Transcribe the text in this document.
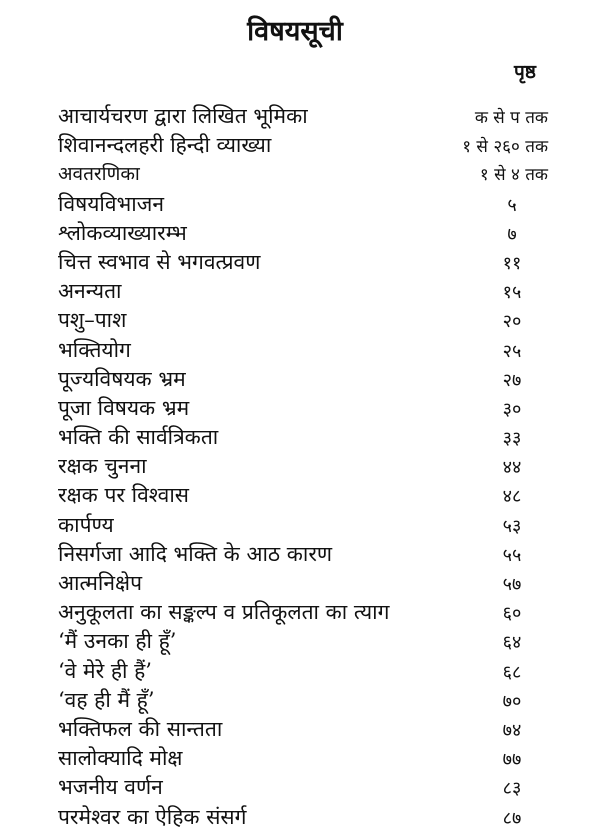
विषयसूची
पृष्ठ
आचार्यचरण द्वारा लिखित भूमिका	क से प तक
शिवानन्दलहरी हिन्दी व्याख्या	१ से २६० तक
अवतरणिका	१ से ४ तक
विषयविभाजन	५
श्लोकव्याख्यारम्भ	७
चित्त स्वभाव से भगवत्प्रवण	११
अनन्यता	१५
पशु–पाश	२०
भक्तियोग	२५
पूज्यविषयक भ्रम	२७
पूजा विषयक भ्रम	३०
भक्ति की सार्वत्रिकता	३३
रक्षक चुनना	४४
रक्षक पर विश्वास	४८
कार्पण्य	५३
निसर्गजा आदि भक्ति के आठ कारण	५५
आत्मनिक्षेप	५७
अनुकूलता का सङ्कल्प व प्रतिकूलता का त्याग	६०
‘मैं उनका ही हूँ’	६४
‘वे मेरे ही हैं’	६८
‘वह ही मैं हूँ’	७०
भक्तिफल की सान्तता	७४
सालोक्यादि मोक्ष	७७
भजनीय वर्णन	८३
परमेश्वर का ऐहिक संसर्ग	८७
